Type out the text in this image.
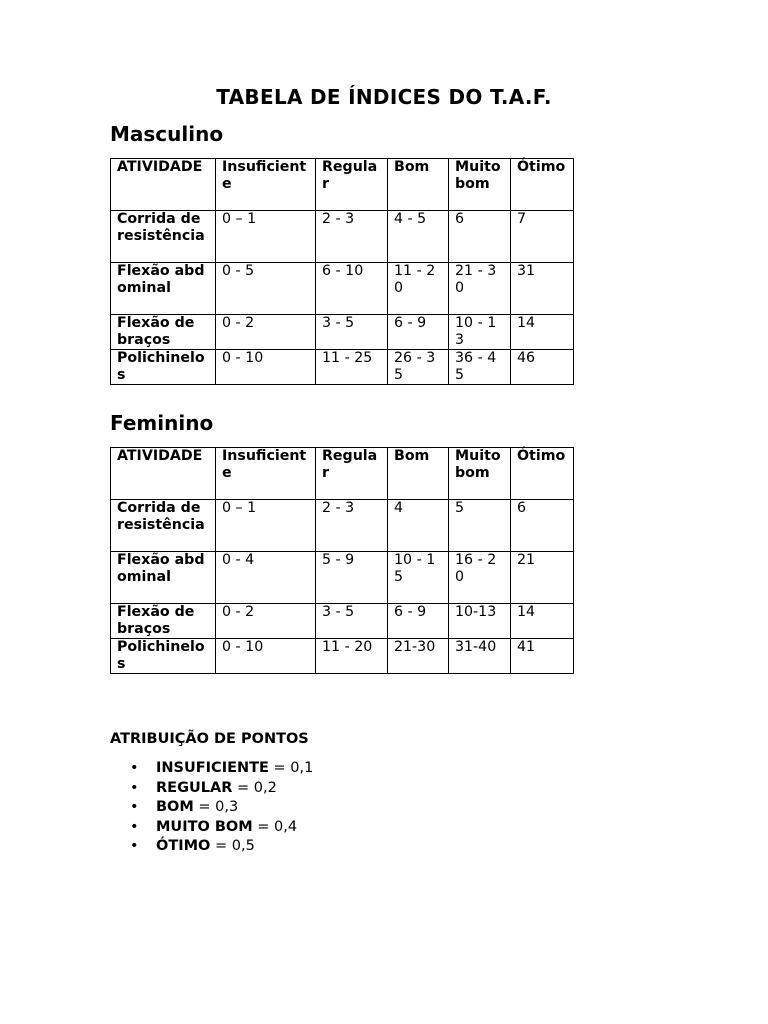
TABELA DE ÍNDICES DO T.A.F.
Masculino
ATIVIDADE	Insuficiente	Regular	Bom	Muito bom	Ótimo
Corrida de resistência	0 – 1	2 - 3	4 - 5	6	7
Flexão abdominal	0 - 5	6 - 10	11 - 20	21 - 30	31
Flexão de braços	0 - 2	3 - 5	6 - 9	10 - 13	14
Polichinelos	0 - 10	11 - 25	26 - 35	36 - 45	46
Feminino
ATIVIDADE	Insuficiente	Regular	Bom	Muito bom	Ótimo
Corrida de resistência	0 – 1	2 - 3	4	5	6
Flexão abdominal	0 - 4	5 - 9	10 - 15	16 - 20	21
Flexão de braços	0 - 2	3 - 5	6 - 9	10-13	14
Polichinelos	0 - 10	11 - 20	21-30	31-40	41
ATRIBUIÇÃO DE PONTOS
• INSUFICIENTE = 0,1
• REGULAR = 0,2
• BOM = 0,3
• MUITO BOM = 0,4
• ÓTIMO = 0,5
